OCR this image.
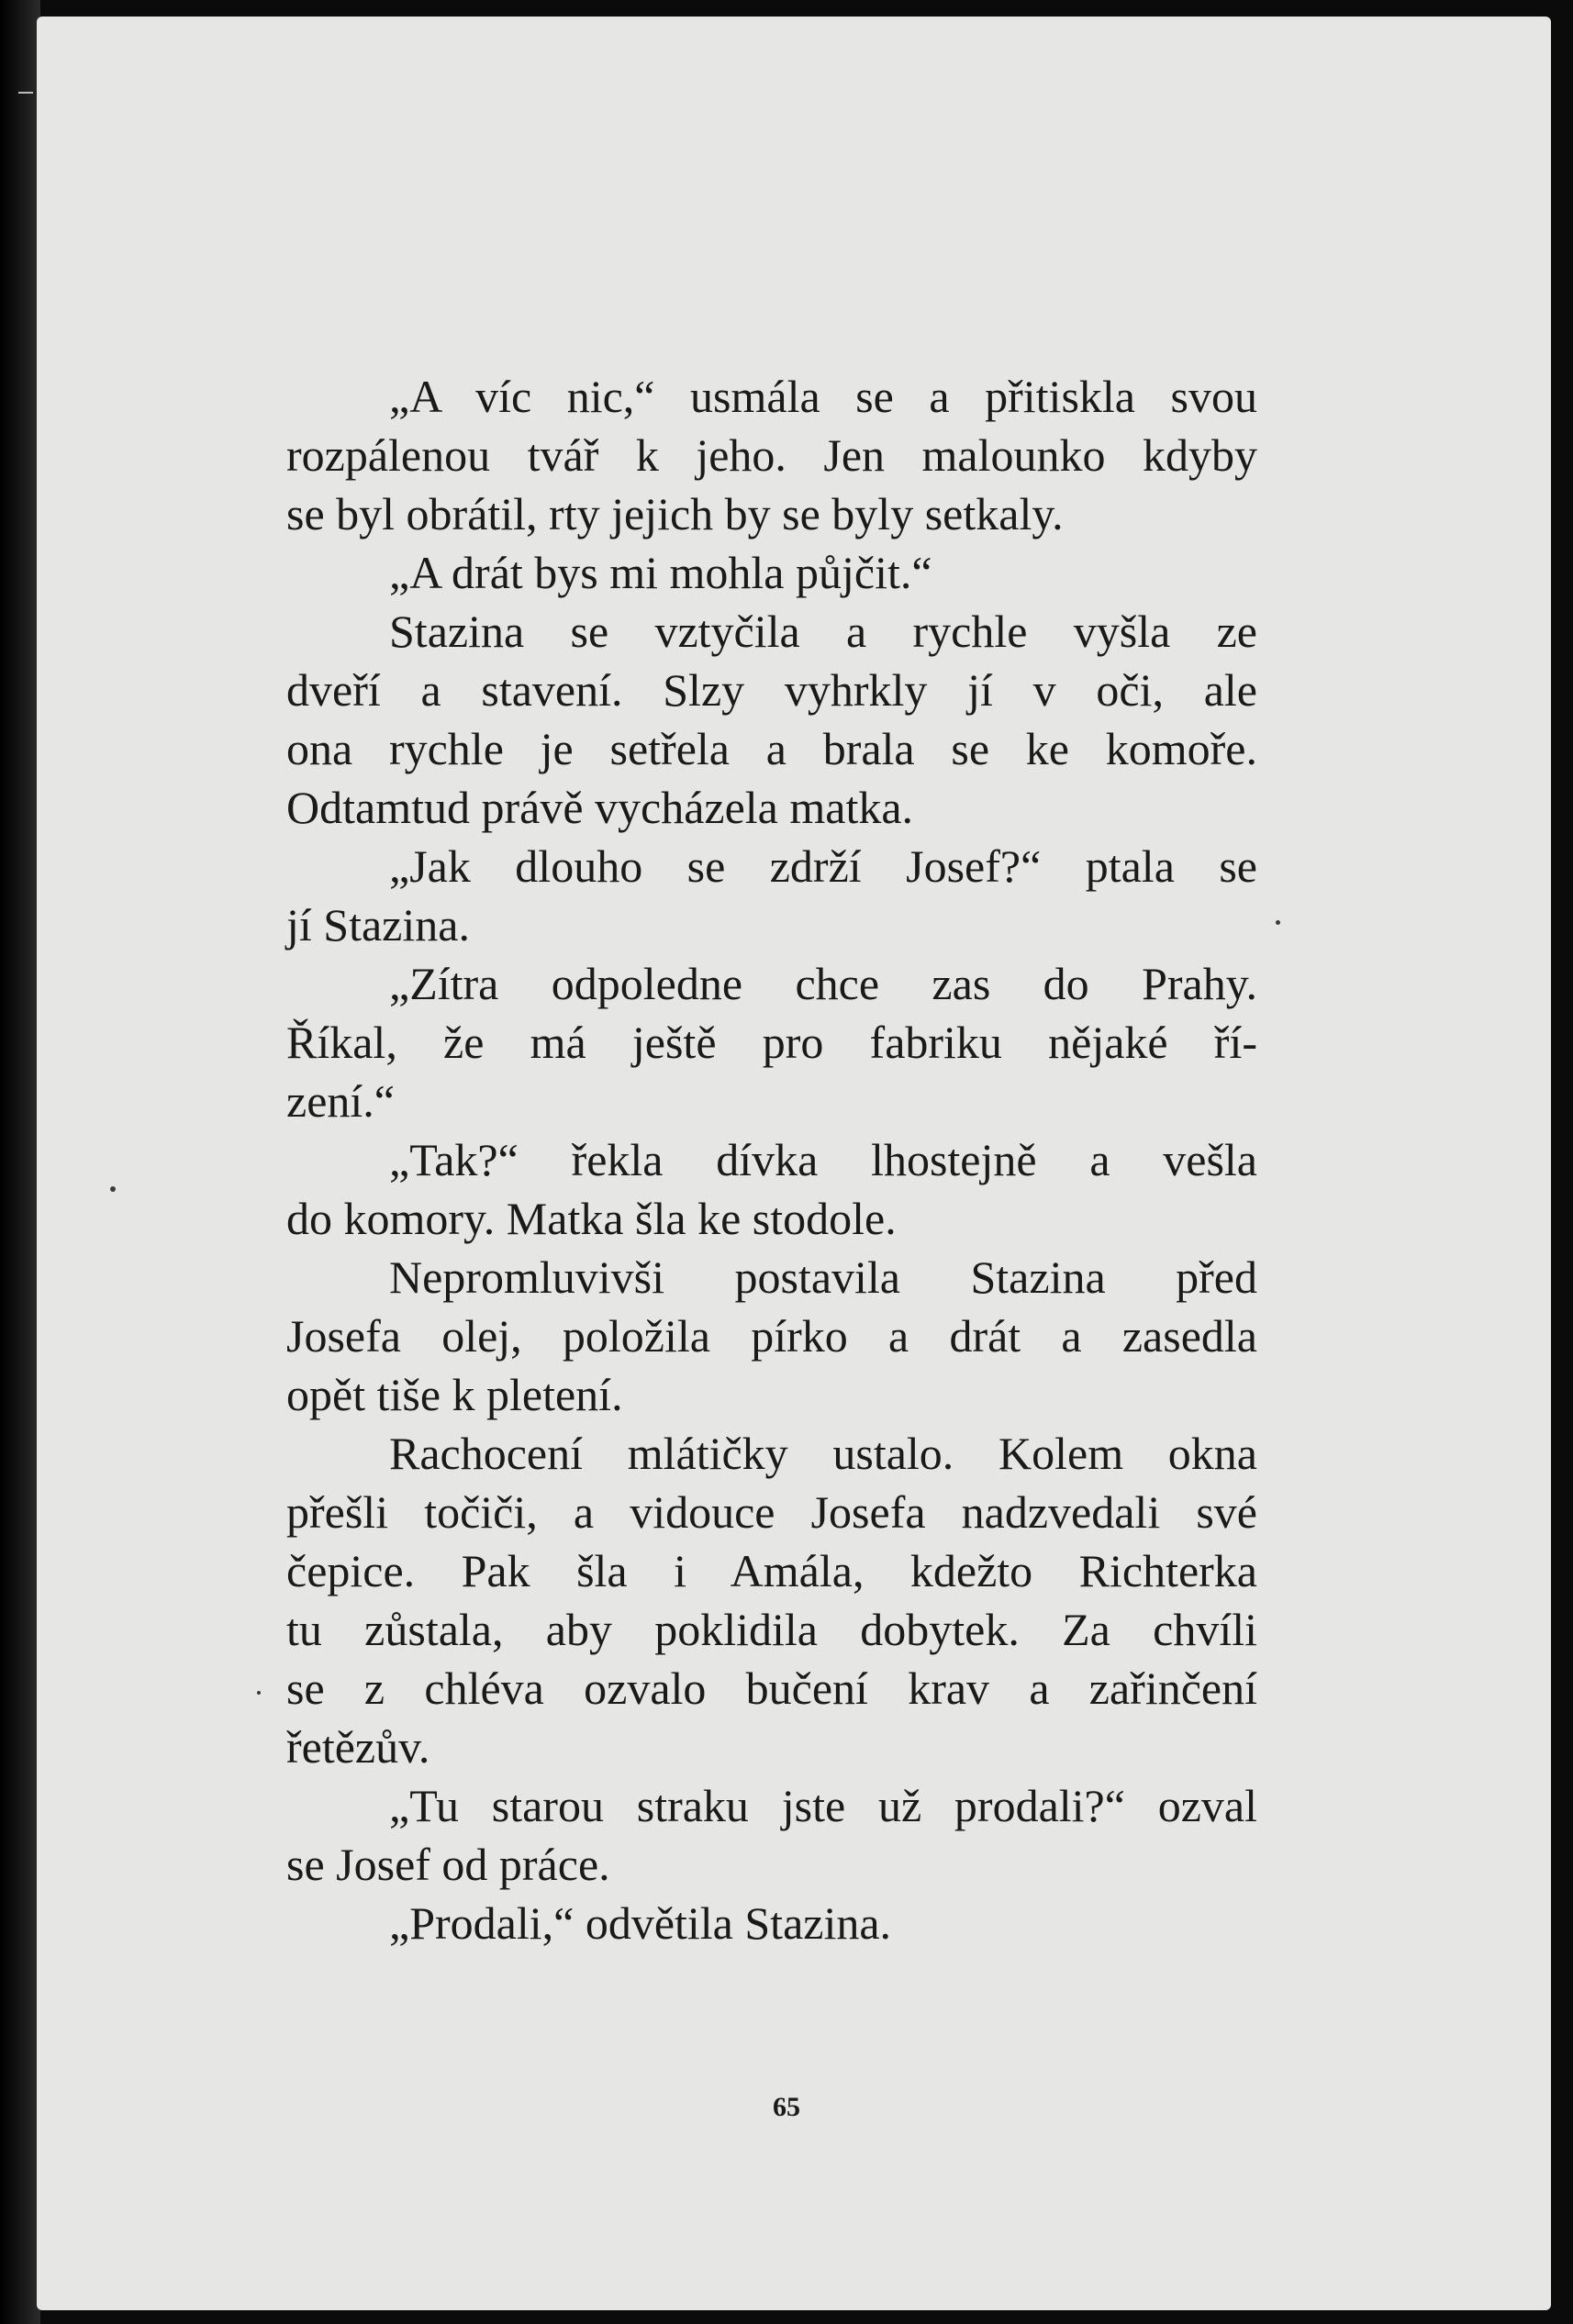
„A víc nic,“ usmála se a přitiskla svou
rozpálenou tvář k jeho. Jen malounko kdyby
se byl obrátil, rty jejich by se byly setkaly.
„A drát bys mi mohla půjčit.“
Stazina se vztyčila a rychle vyšla ze
dveří a stavení. Slzy vyhrkly jí v oči, ale
ona rychle je setřela a brala se ke komoře.
Odtamtud právě vycházela matka.
„Jak dlouho se zdrží Josef?“ ptala se
jí Stazina.
„Zítra odpoledne chce zas do Prahy.
Říkal, že má ještě pro fabriku nějaké ří-
zení.“
„Tak?“ řekla dívka lhostejně a vešla
do komory. Matka šla ke stodole.
Nepromluvivši postavila Stazina před
Josefa olej, položila pírko a drát a zasedla
opět tiše k pletení.
Rachocení mlátičky ustalo. Kolem okna
přešli točiči, a vidouce Josefa nadzvedali své
čepice. Pak šla i Amála, kdežto Richterka
tu zůstala, aby poklidila dobytek. Za chvíli
se z chléva ozvalo bučení krav a zařinčení
řetězův.
„Tu starou straku jste už prodali?“ ozval
se Josef od práce.
„Prodali,“ odvětila Stazina.
65
